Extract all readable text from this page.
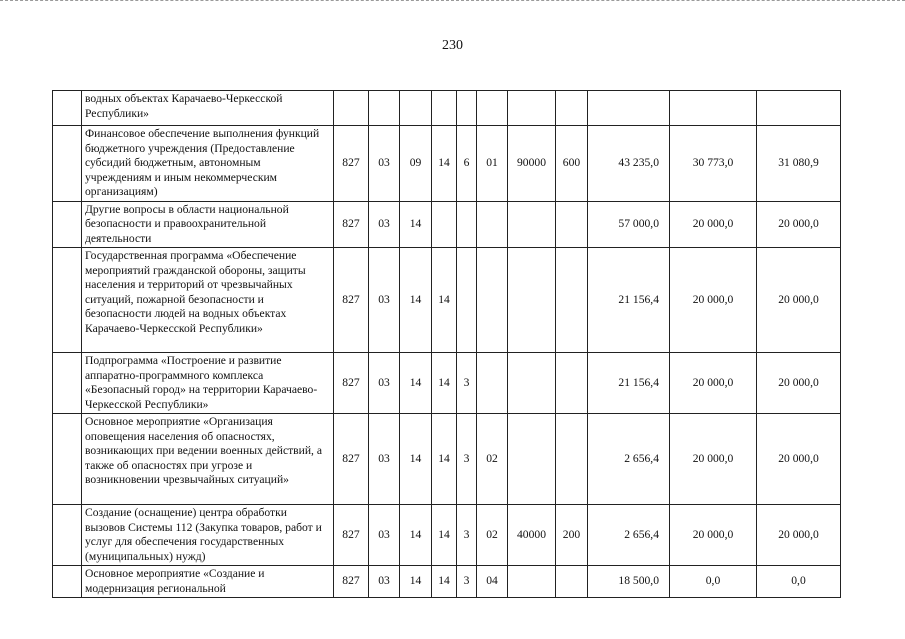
230
	водных объектах Карачаево-Черкесской Республики»											
	Финансовое обеспечение выполнения функций бюджетного учреждения (Предоставление субсидий бюджетным, автономным учреждениям и иным некоммерческим организациям)	827	03	09	14	6	01	90000	600	43 235,0	30 773,0	31 080,9
	Другие вопросы в области национальной безопасности и правоохранительной деятельности	827	03	14						57 000,0	20 000,0	20 000,0
	Государственная программа «Обеспечение мероприятий гражданской обороны, защиты населения и территорий от чрезвычайных ситуаций, пожарной безопасности и безопасности людей на водных объектах Карачаево-Черкесской Республики»	827	03	14	14					21 156,4	20 000,0	20 000,0
	Подпрограмма «Построение и развитие аппаратно-программного комплекса «Безопасный город» на территории Карачаево-Черкесской Республики»	827	03	14	14	3				21 156,4	20 000,0	20 000,0
	Основное мероприятие «Организация оповещения населения об опасностях, возникающих при ведении военных действий, а также об опасностях при угрозе и возникновении чрезвычайных ситуаций»	827	03	14	14	3	02			2 656,4	20 000,0	20 000,0
	Создание (оснащение) центра обработки вызовов Системы 112 (Закупка товаров, работ и услуг для обеспечения государственных (муниципальных) нужд)	827	03	14	14	3	02	40000	200	2 656,4	20 000,0	20 000,0
	Основное мероприятие «Создание и модернизация региональной	827	03	14	14	3	04			18 500,0	0,0	0,0
